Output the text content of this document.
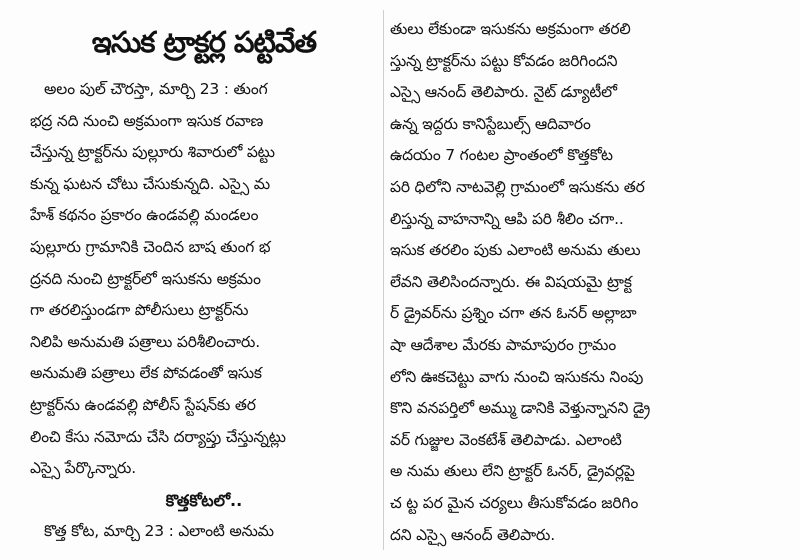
ఇసుక ట్రాక్టర్ల పట్టివేత
అలం పుల్ చౌరస్తా, మార్చి 23 : తుంగ
భద్ర నది నుంచి అక్రమంగా ఇసుక రవాణ
చేస్తున్న ట్రాక్టర్‌ను పుల్లూరు శివారులో పట్టు
కున్న ఘటన చోటు చేసుకున్నది. ఎస్సై మ
హేశ్ కథనం ప్రకారం ఉండవల్లి మండలం
పుల్లూరు గ్రామానికి చెందిన బాష తుంగ భ
ద్రనది నుంచి ట్రాక్టర్‌లో ఇసుకను అక్రమం
గా తరలిస్తుండగా పోలీసులు ట్రాక్టర్‌ను
నిలిపి అనుమతి పత్రాలు పరిశీలించారు.
అనుమతి పత్రాలు లేక పోవడంతో ఇసుక
ట్రాక్టర్‌ను ఉండవల్లి పోలీస్ స్టేషన్‌కు తర
లించి కేసు నమోదు చేసి దర్యాప్తు చేస్తున్నట్లు
ఎస్సై పేర్కొన్నారు.
కొత్తకోటలో..
కొత్త కోట, మార్చి 23 : ఎలాంటి అనుమ
తులు లేకుండా ఇసుకను అక్రమంగా తరలి
స్తున్న ట్రాక్టర్‌ను పట్టు కోవడం జరిగిందని
ఎస్సై ఆనంద్ తెలిపారు. నైట్ డ్యూటీలో
ఉన్న ఇద్దరు కానిస్టేబుల్స్ ఆదివారం
ఉదయం 7 గంటల ప్రాంతంలో కొత్తకోట
పరి ధిలోని నాటవెల్లి గ్రామంలో ఇసుకను తర
లిస్తున్న వాహనాన్ని ఆపి పరి శీలిం చగా..
ఇసుక తరలిం పుకు ఎలాంటి అనుమ తులు
లేవని తెలిసిందన్నారు. ఈ విషయమై ట్రాక్ట
ర్ డ్రైవర్‌ను ప్రశ్నిం చగా తన ఓనర్ అల్లాబా
షా ఆదేశాల మేరకు పామాపురం గ్రామం
లోని ఊకచెట్టు వాగు నుంచి ఇసుకను నింపు
కొని వనపర్తిలో అమ్ము డానికి వెళ్తున్నానని డ్రై
వర్ గుజ్జుల వెంకటేశ్ తెలిపాడు. ఎలాంటి
అ నుమ తులు లేని ట్రాక్టర్ ఓనర్, డ్రైవర్లపై
చ ట్ట పర మైన చర్యలు తీసుకోవడం జరిగిం
దని ఎస్సై ఆనంద్ తెలిపారు.
